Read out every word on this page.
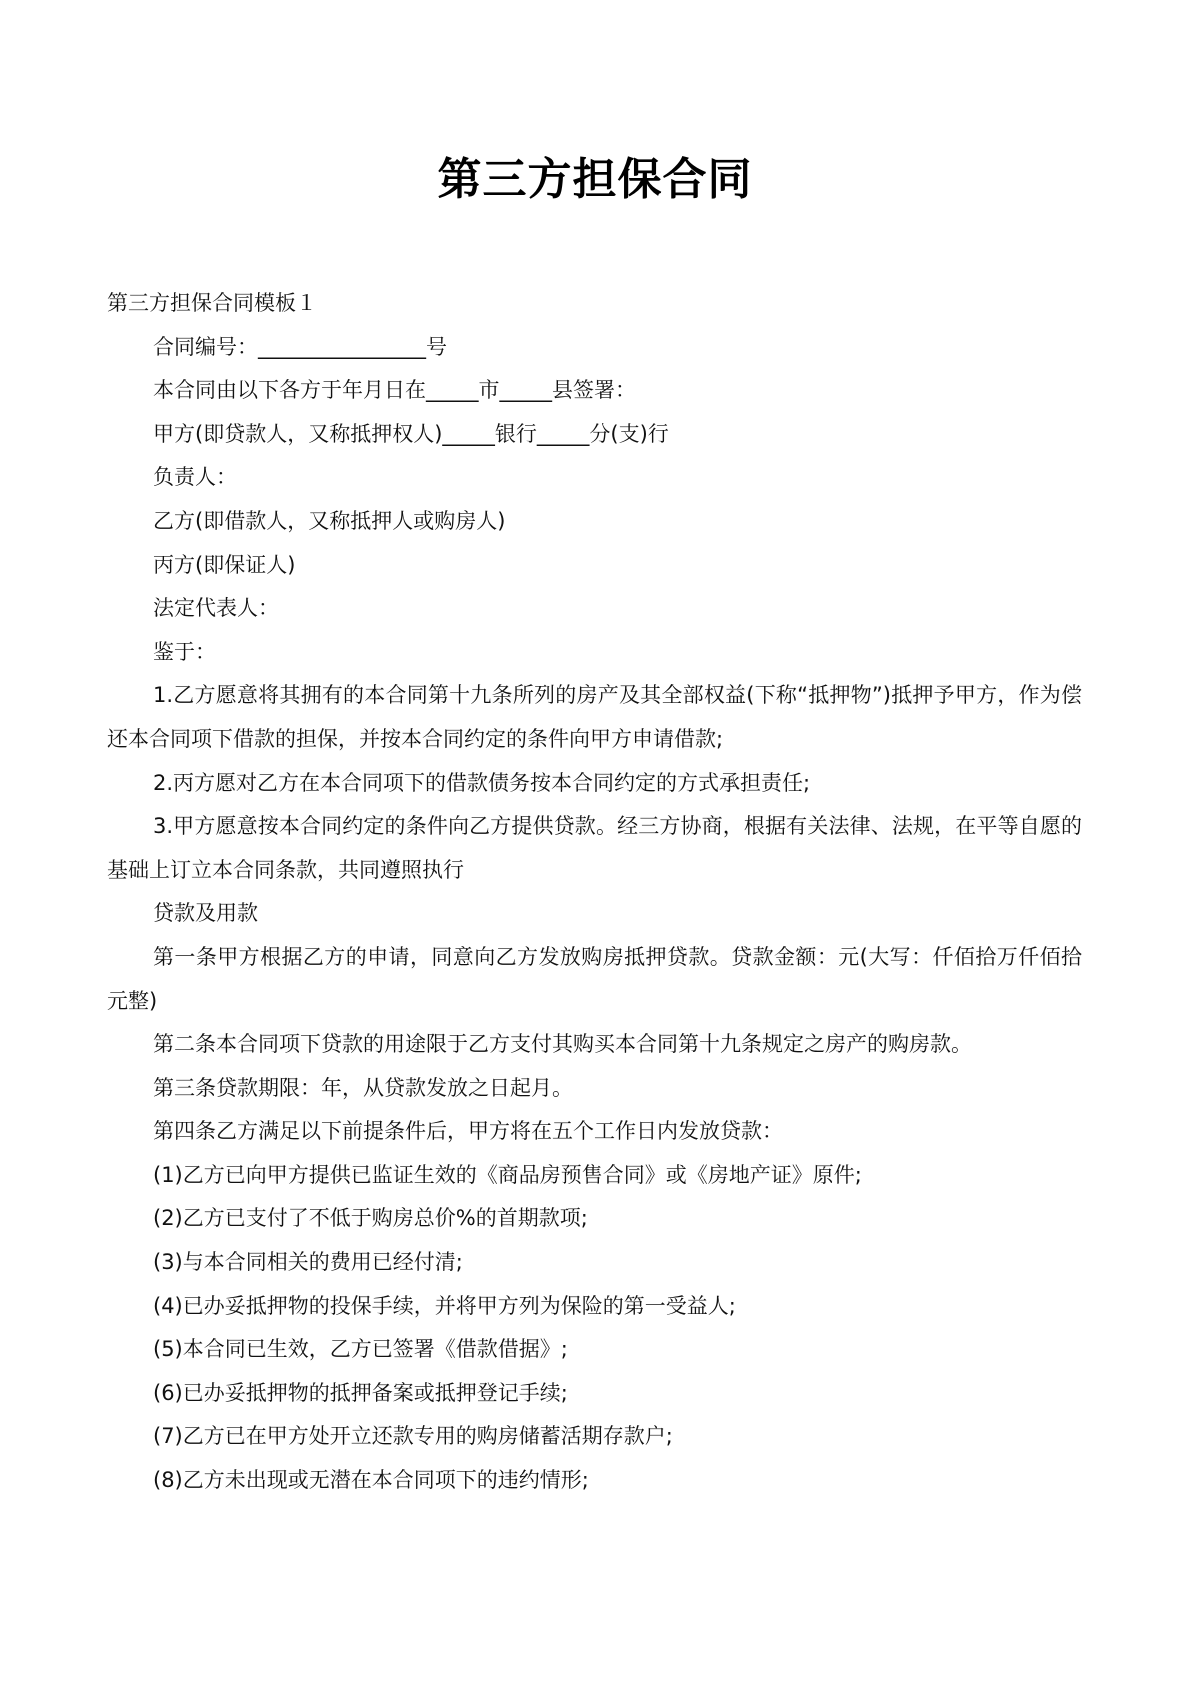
第三方担保合同

第三方担保合同模板１

合同编号：________________号

本合同由以下各方于年月日在_____市_____县签署：

甲方(即贷款人，又称抵押权人)_____银行_____分(支)行

负责人：

乙方(即借款人，又称抵押人或购房人)

丙方(即保证人)

法定代表人：

鉴于：

1.乙方愿意将其拥有的本合同第十九条所列的房产及其全部权益(下称“抵押物”)抵押予甲方，作为偿还本合同项下借款的担保，并按本合同约定的条件向甲方申请借款;

2.丙方愿对乙方在本合同项下的借款债务按本合同约定的方式承担责任;

3.甲方愿意按本合同约定的条件向乙方提供贷款。经三方协商，根据有关法律、法规，在平等自愿的基础上订立本合同条款，共同遵照执行

贷款及用款

第一条甲方根据乙方的申请，同意向乙方发放购房抵押贷款。贷款金额：元(大写：仟佰拾万仟佰拾元整)

第二条本合同项下贷款的用途限于乙方支付其购买本合同第十九条规定之房产的购房款。

第三条贷款期限：年，从贷款发放之日起月。

第四条乙方满足以下前提条件后，甲方将在五个工作日内发放贷款：

(1)乙方已向甲方提供已监证生效的《商品房预售合同》或《房地产证》原件;

(2)乙方已支付了不低于购房总价%的首期款项;

(3)与本合同相关的费用已经付清;

(4)已办妥抵押物的投保手续，并将甲方列为保险的第一受益人;

(5)本合同已生效，乙方已签署《借款借据》;

(6)已办妥抵押物的抵押备案或抵押登记手续;

(7)乙方已在甲方处开立还款专用的购房储蓄活期存款户;

(8)乙方未出现或无潜在本合同项下的违约情形;
